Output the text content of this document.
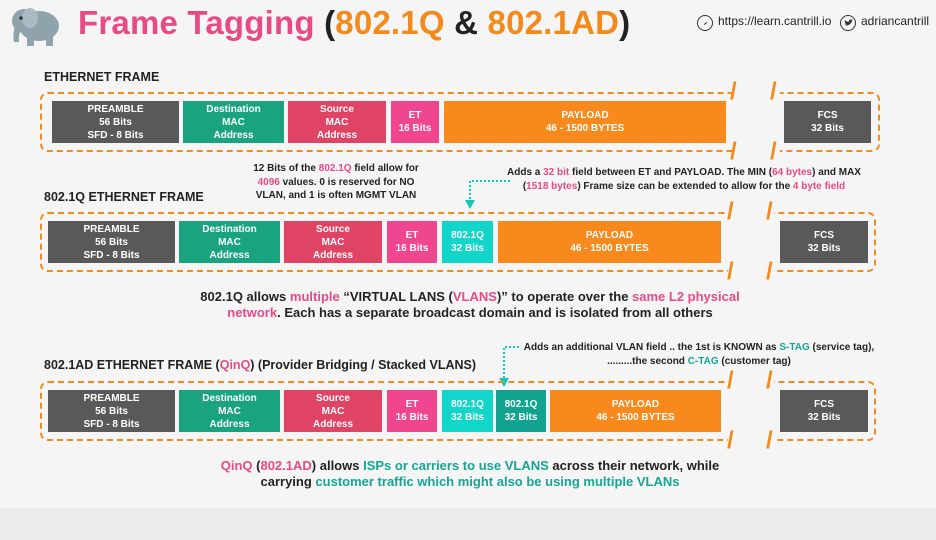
Frame Tagging (802.1Q & 802.1AD)	https://learn.cantrill.io adriancantrill
ETHERNET FRAME
/
/
/
/
PREAMBLE
56 Bits
SFD - 8 Bits
Destination
MAC
Address
Source
MAC
Address
ET
16 Bits
PAYLOAD
46 - 1500 BYTES
FCS
32 Bits
12 Bits of the 802.1Q field allow for
4096 values. 0 is reserved for NO
VLAN, and 1 is often MGMT VLAN
Adds a 32 bit field between ET and PAYLOAD. The MIN (64 bytes) and MAX
(1518 bytes) Frame size can be extended to allow for the 4 byte field
802.1Q ETHERNET FRAME
/
/
/
/
PREAMBLE
56 Bits
SFD - 8 Bits
Destination
MAC
Address
Source
MAC
Address
ET
16 Bits
802.1Q
32 Bits
PAYLOAD
46 - 1500 BYTES
FCS
32 Bits
802.1Q allows multiple “VIRTUAL LANS (VLANS)” to operate over the same L2 physical
network. Each has a separate broadcast domain and is isolated from all others
802.1AD ETHERNET FRAME (QinQ) (Provider Bridging / Stacked VLANS)
Adds an additional VLAN field .. the 1st is KNOWN as S-TAG (service tag),
.........the second C-TAG (customer tag)
/
/
/
/
PREAMBLE
56 Bits
SFD - 8 Bits
Destination
MAC
Address
Source
MAC
Address
ET
16 Bits
802.1Q
32 Bits
802.1Q
32 Bits
PAYLOAD
46 - 1500 BYTES
FCS
32 Bits
QinQ (802.1AD) allows ISPs or carriers to use VLANS across their network, while
carrying customer traffic which might also be using multiple VLANs
